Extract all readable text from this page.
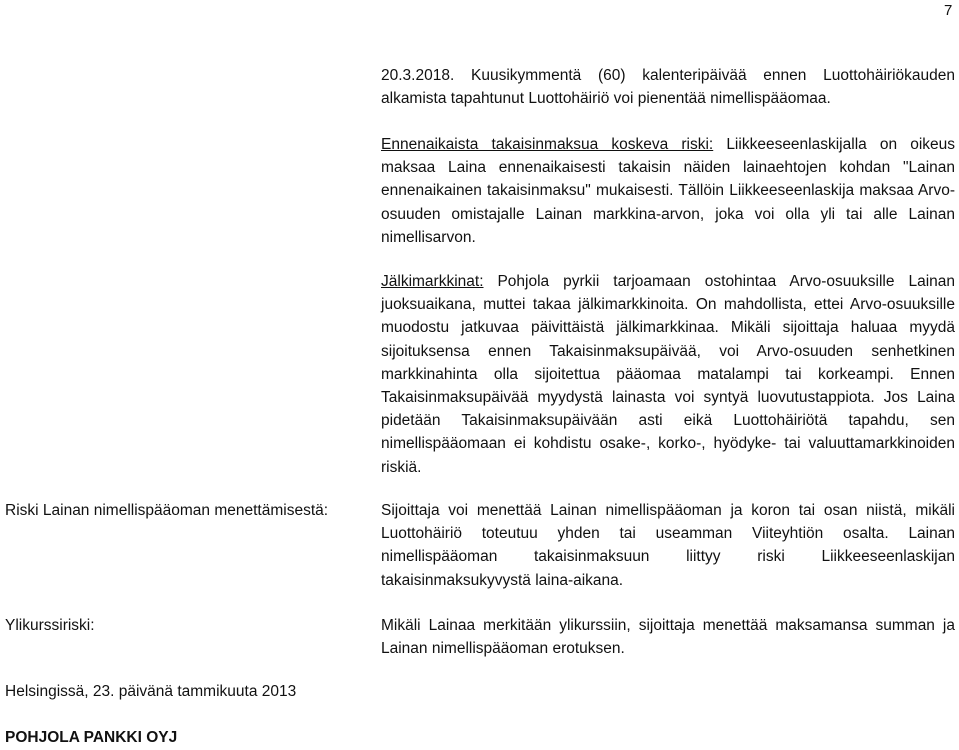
7

20.3.2018. Kuusikymmentä (60) kalenteripäivää ennen Luottohäiriökauden alkamista tapahtunut Luottohäiriö voi pienentää nimellispääomaa.

Ennenaikaista takaisinmaksua koskeva riski: Liikkeeseenlaskijalla on oikeus maksaa Laina ennenaikaisesti takaisin näiden lainaehtojen kohdan "Lainan ennenaikainen takaisinmaksu" mukaisesti. Tällöin Liikkeeseenlaskija maksaa Arvo-osuuden omistajalle Lainan markkina-arvon, joka voi olla yli tai alle Lainan nimellisarvon.

Jälkimarkkinat: Pohjola pyrkii tarjoamaan ostohintaa Arvo-osuuksille Lainan juoksuaikana, muttei takaa jälkimarkkinoita. On mahdollista, ettei Arvo-osuuksille muodostu jatkuvaa päivittäistä jälkimarkkinaa. Mikäli sijoittaja haluaa myydä sijoituksensa ennen Takaisinmaksupäivää, voi Arvo-osuuden senhetkinen markkinahinta olla sijoitettua pääomaa matalampi tai korkeampi. Ennen Takaisinmaksupäivää myydystä lainasta voi syntyä luovutustappiota. Jos Laina pidetään Takaisinmaksupäivään asti eikä Luottohäiriötä tapahdu, sen nimellispääomaan ei kohdistu osake-, korko-, hyödyke- tai valuuttamarkkinoiden riskiä.

Riski Lainan nimellispääoman menettämisestä:	Sijoittaja voi menettää Lainan nimellispääoman ja koron tai osan niistä, mikäli Luottohäiriö toteutuu yhden tai useamman Viiteyhtiön osalta. Lainan nimellispääoman takaisinmaksuun liittyy riski Liikkeeseenlaskijan takaisinmaksukyvystä laina-aikana.

Ylikurssiriski:	Mikäli Lainaa merkitään ylikurssiin, sijoittaja menettää maksamansa summan ja Lainan nimellispääoman erotuksen.

Helsingissä, 23. päivänä tammikuuta 2013

POHJOLA PANKKI OYJ
